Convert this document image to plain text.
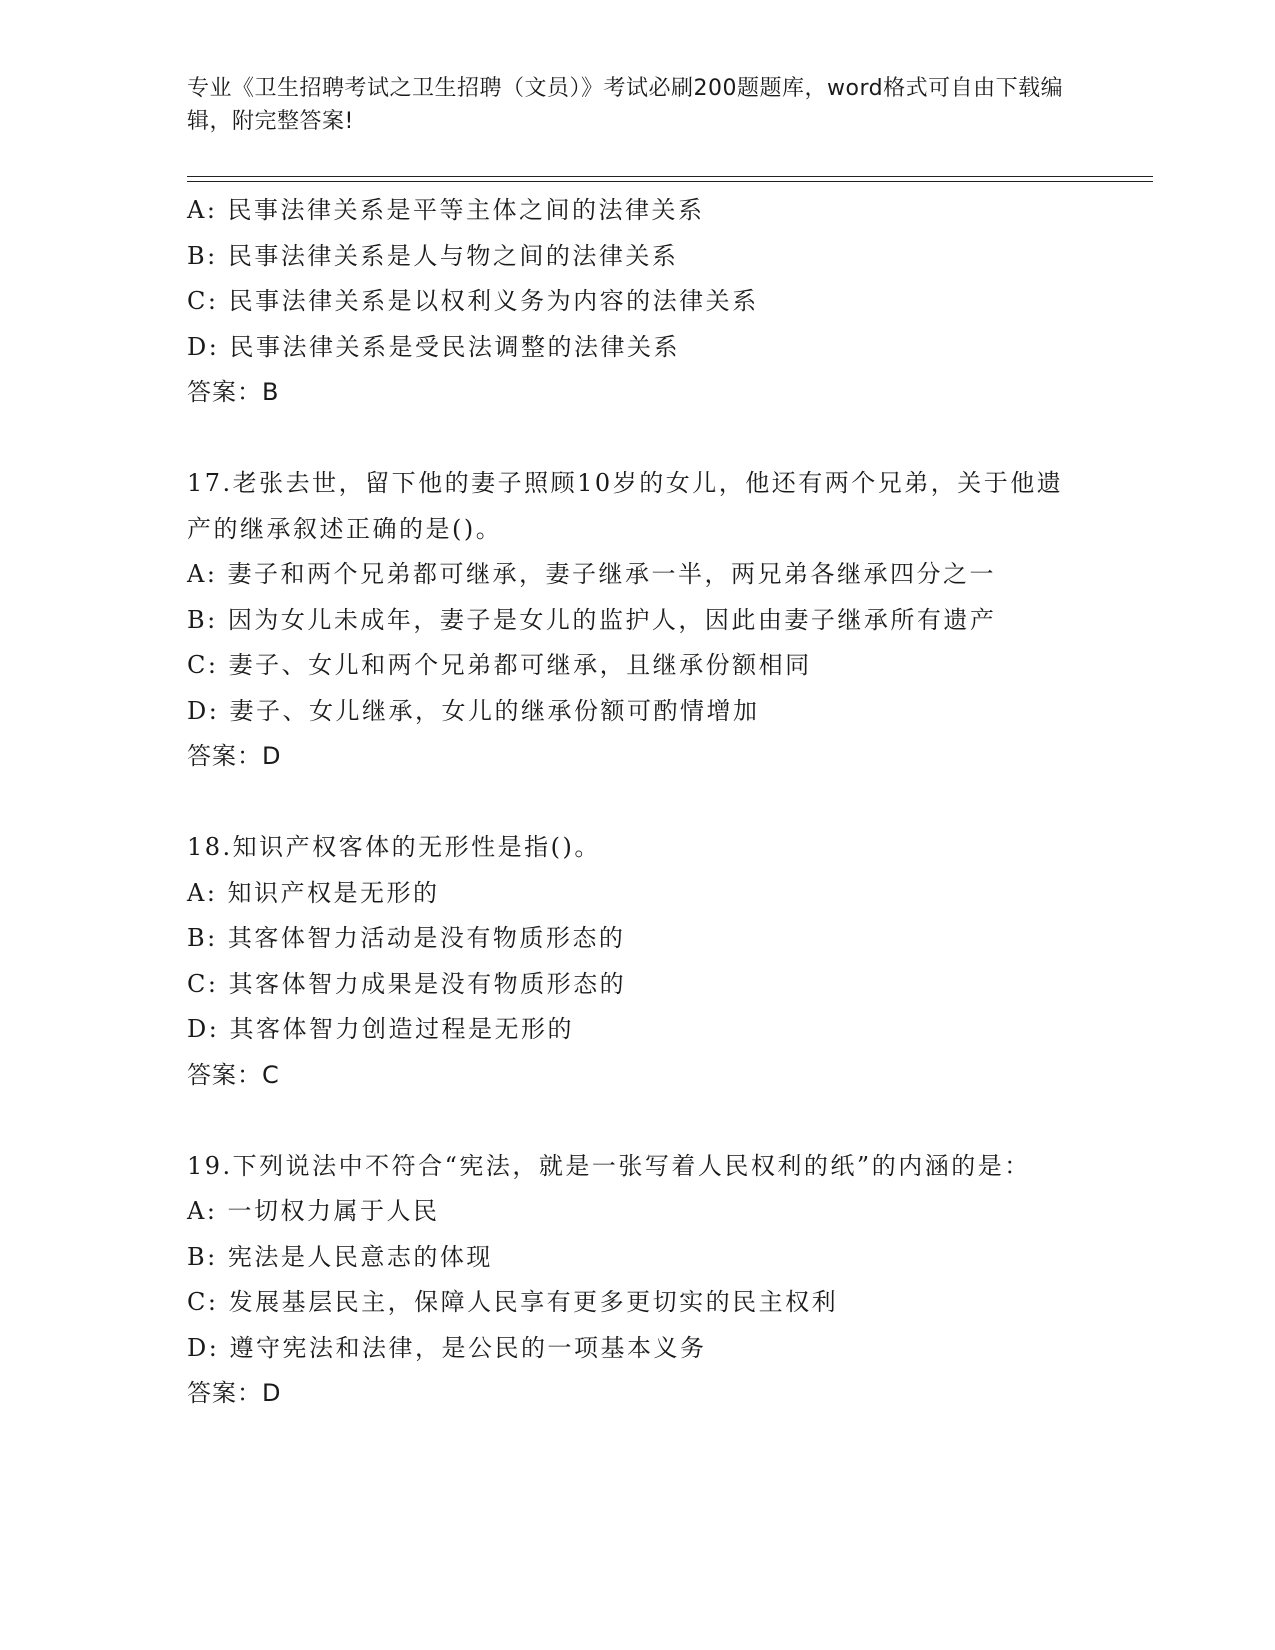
专业《卫生招聘考试之卫生招聘（文员）》考试必刷200题题库，word格式可自由下载编辑，附完整答案!
A: 民事法律关系是平等主体之间的法律关系
B: 民事法律关系是人与物之间的法律关系
C: 民事法律关系是以权利义务为内容的法律关系
D: 民事法律关系是受民法调整的法律关系
答案：B
17.老张去世，留下他的妻子照顾10岁的女儿，他还有两个兄弟，关于他遗产的继承叙述正确的是()。
A: 妻子和两个兄弟都可继承，妻子继承一半，两兄弟各继承四分之一
B: 因为女儿未成年，妻子是女儿的监护人，因此由妻子继承所有遗产
C: 妻子、女儿和两个兄弟都可继承，且继承份额相同
D: 妻子、女儿继承，女儿的继承份额可酌情增加
答案：D
18.知识产权客体的无形性是指()。
A: 知识产权是无形的
B: 其客体智力活动是没有物质形态的
C: 其客体智力成果是没有物质形态的
D: 其客体智力创造过程是无形的
答案：C
19.下列说法中不符合“宪法，就是一张写着人民权利的纸”的内涵的是：
A: 一切权力属于人民
B: 宪法是人民意志的体现
C: 发展基层民主，保障人民享有更多更切实的民主权利
D: 遵守宪法和法律，是公民的一项基本义务
答案：D
